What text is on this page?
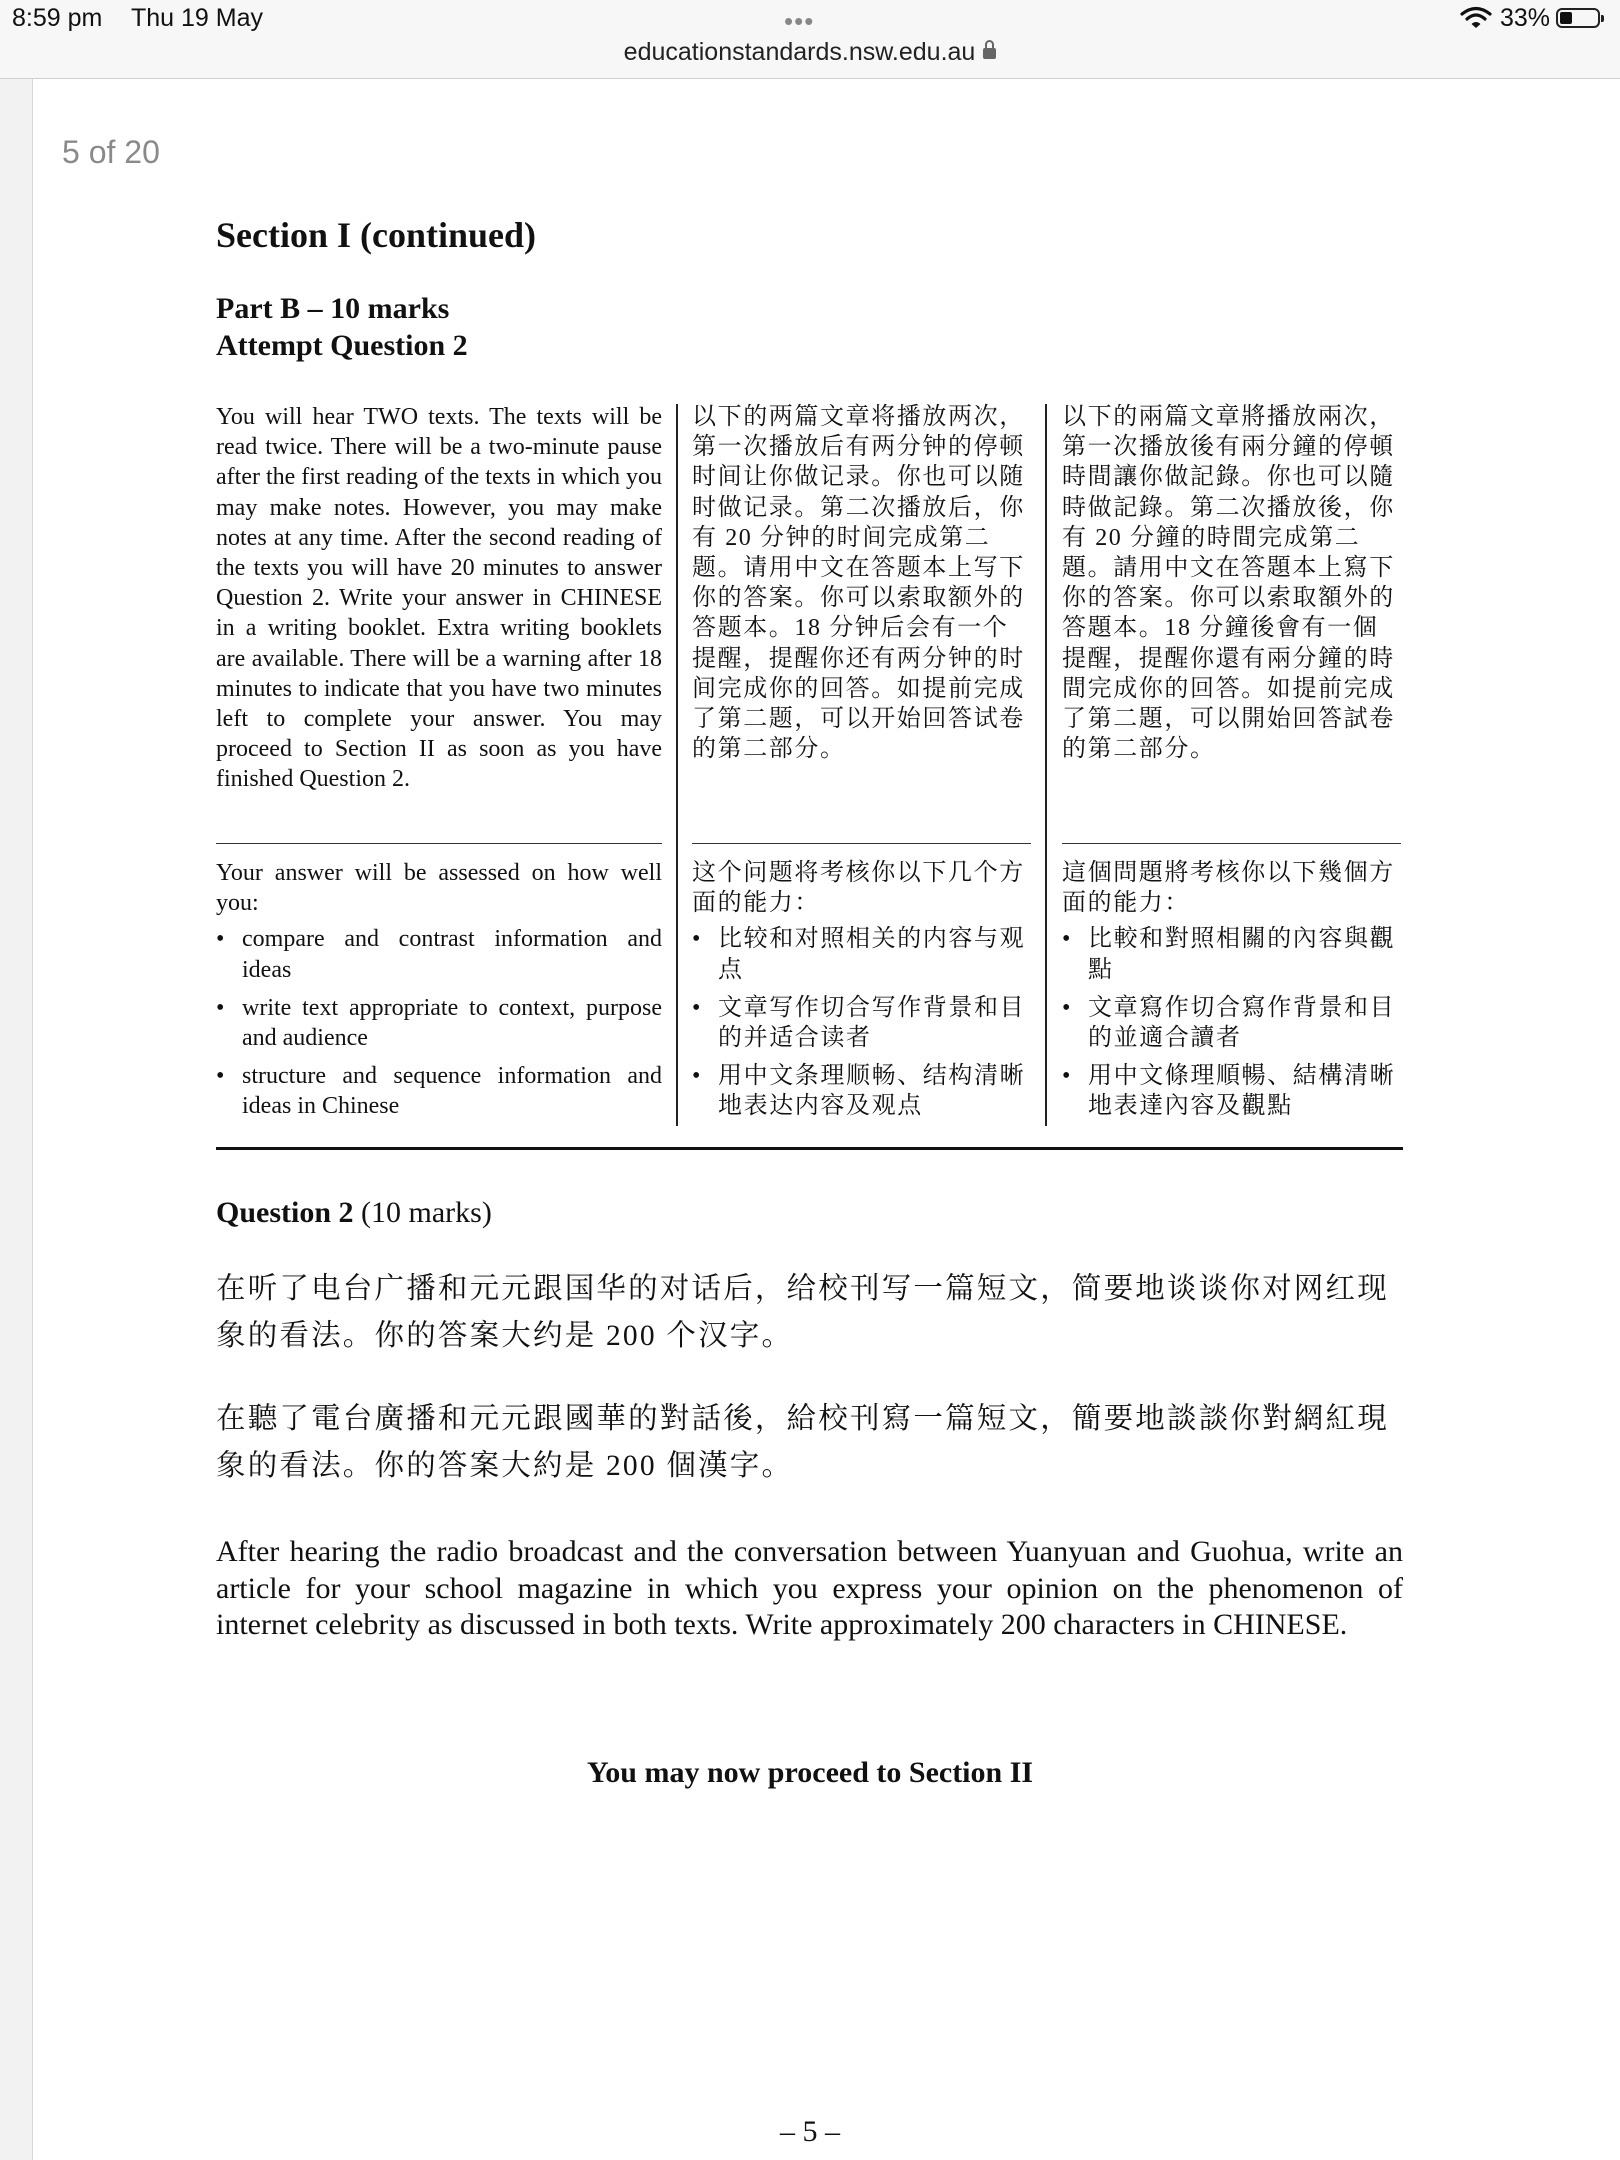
8:59 pm Thu 19 May	•••
educationstandards.nsw.edu.au
33%
5 of 20
Section I (continued)
Part B – 10 marks
Attempt Question 2
You will hear TWO texts. The texts will be read twice. There will be a two-minute pause after the first reading of the texts in which you may make notes. However, you may make notes at any time. After the second reading of the texts you will have 20 minutes to answer Question 2. Write your answer in CHINESE in a writing booklet. Extra writing booklets are available. There will be a warning after 18 minutes to indicate that you have two minutes left to complete your answer. You may proceed to Section II as soon as you have finished Question 2.
以下的两篇文章将播放两次，第一次播放后有两分钟的停顿时间让你做记录。你也可以随时做记录。第二次播放后，你有 20 分钟的时间完成第二题。请用中文在答题本上写下你的答案。你可以索取额外的答题本。18 分钟后会有一个提醒，提醒你还有两分钟的时间完成你的回答。如提前完成了第二题，可以开始回答试卷的第二部分。
以下的兩篇文章將播放兩次，第一次播放後有兩分鐘的停頓時間讓你做記錄。你也可以隨時做記錄。第二次播放後，你有 20 分鐘的時間完成第二題。請用中文在答題本上寫下你的答案。你可以索取額外的答題本。18 分鐘後會有一個提醒，提醒你還有兩分鐘的時間完成你的回答。如提前完成了第二題，可以開始回答試卷的第二部分。

Your answer will be assessed on how well you:

• compare and contrast information and ideas
• write text appropriate to context, purpose and audience
• structure and sequence information and ideas in Chinese

这个问题将考核你以下几个方面的能力：

• 比较和对照相关的内容与观点
• 文章写作切合写作背景和目的并适合读者
• 用中文条理顺畅、结构清晰地表达内容及观点

這個問題將考核你以下幾個方面的能力：

• 比較和對照相關的內容與觀點
• 文章寫作切合寫作背景和目的並適合讀者
• 用中文條理順暢、結構清晰地表達內容及觀點
Question 2 (10 marks)
在听了电台广播和元元跟国华的对话后，给校刊写一篇短文，简要地谈谈你对网红现象的看法。你的答案大约是 200 个汉字。
在聽了電台廣播和元元跟國華的對話後，給校刊寫一篇短文，簡要地談談你對網紅現象的看法。你的答案大約是 200 個漢字。
After hearing the radio broadcast and the conversation between Yuanyuan and Guohua, write an article for your school magazine in which you express your opinion on the phenomenon of internet celebrity as discussed in both texts. Write approximately 200 characters in CHINESE.
You may now proceed to Section II
– 5 –
